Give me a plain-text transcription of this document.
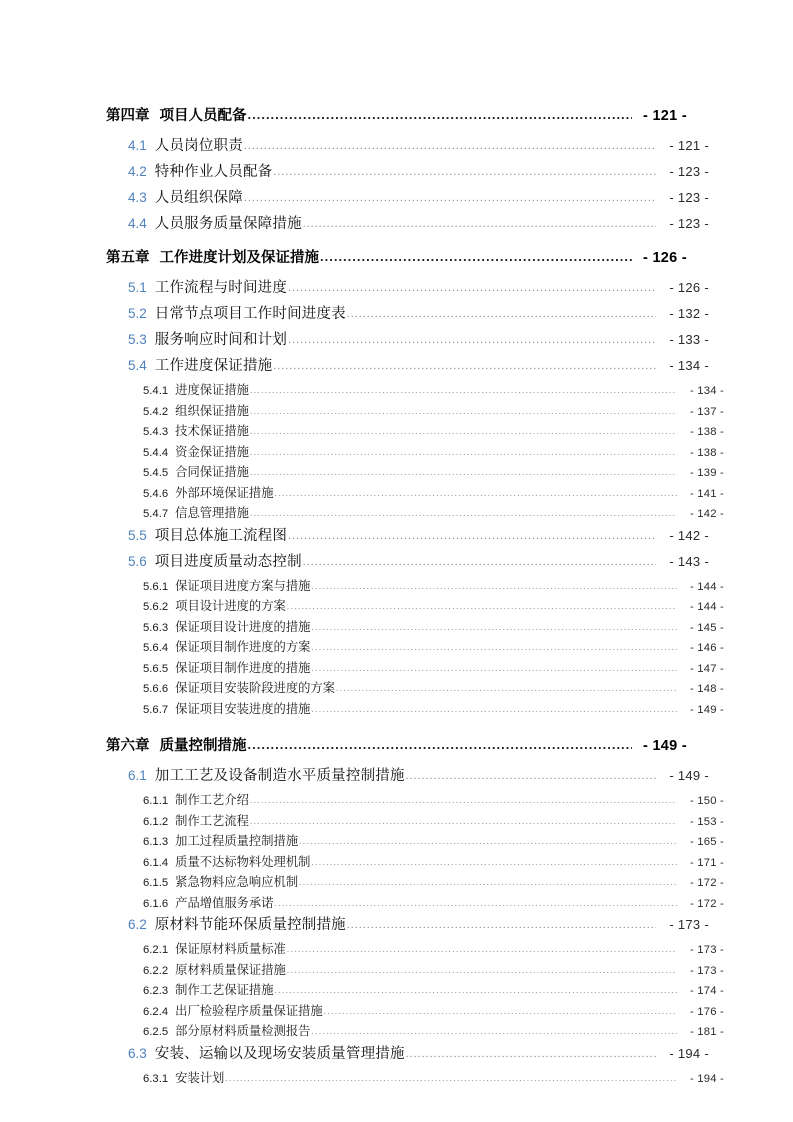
第四章 项目人员配备 .....	- 121 -
4.1 人员岗位职责 .....	- 121 -
4.2 特种作业人员配备 .....	- 123 -
4.3 人员组织保障 .....	- 123 -
4.4 人员服务质量保障措施 .....	- 123 -
第五章 工作进度计划及保证措施 .....	- 126 -
5.1 工作流程与时间进度 .....	- 126 -
5.2 日常节点项目工作时间进度表 .....	- 132 -
5.3 服务响应时间和计划 .....	- 133 -
5.4 工作进度保证措施 .....	- 134 -
5.4.1 进度保证措施 .....	- 134 -
5.4.2 组织保证措施 .....	- 137 -
5.4.3 技术保证措施 .....	- 138 -
5.4.4 资金保证措施 .....	- 138 -
5.4.5 合同保证措施 .....	- 139 -
5.4.6 外部环境保证措施 .....	- 141 -
5.4.7 信息管理措施 .....	- 142 -
5.5 项目总体施工流程图 .....	- 142 -
5.6 项目进度质量动态控制 .....	- 143 -
5.6.1 保证项目进度方案与措施 .....	- 144 -
5.6.2 项目设计进度的方案 .....	- 144 -
5.6.3 保证项目设计进度的措施 .....	- 145 -
5.6.4 保证项目制作进度的方案 .....	- 146 -
5.6.5 保证项目制作进度的措施 .....	- 147 -
5.6.6 保证项目安装阶段进度的方案 .....	- 148 -
5.6.7 保证项目安装进度的措施 .....	- 149 -
第六章 质量控制措施 .....	- 149 -
6.1 加工工艺及设备制造水平质量控制措施 .....	- 149 -
6.1.1 制作工艺介绍 .....	- 150 -
6.1.2 制作工艺流程 .....	- 153 -
6.1.3 加工过程质量控制措施 .....	- 165 -
6.1.4 质量不达标物料处理机制 .....	- 171 -
6.1.5 紧急物料应急响应机制 .....	- 172 -
6.1.6 产品增值服务承诺 .....	- 172 -
6.2 原材料节能环保质量控制措施 .....	- 173 -
6.2.1 保证原材料质量标准 .....	- 173 -
6.2.2 原材料质量保证措施 .....	- 173 -
6.2.3 制作工艺保证措施 .....	- 174 -
6.2.4 出厂检验程序质量保证措施 .....	- 176 -
6.2.5 部分原材料质量检测报告 .....	- 181 -
6.3 安装、运输以及现场安装质量管理措施 .....	- 194 -
6.3.1 安装计划 .....	- 194 -
